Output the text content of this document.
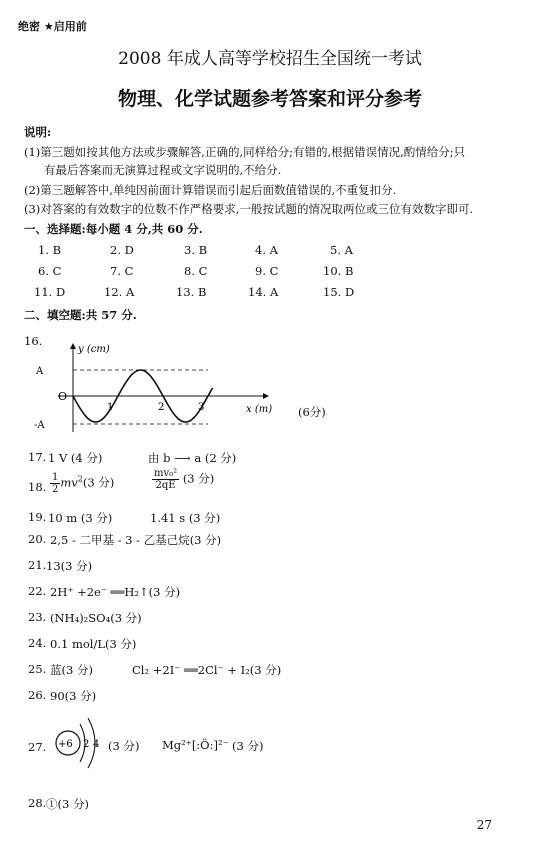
绝密 ★启用前
2008 年成人高等学校招生全国统一考试
物理、化学试题参考答案和评分参考
说明:
(1)第三题如按其他方法或步骤解答,正确的,同样给分;有错的,根据错误情况,酌情给分;只
有最后答案而无演算过程或文字说明的,不给分.
(2)第三题解答中,单纯因前面计算错误而引起后面数值错误的,不重复扣分.
(3)对答案的有效数字的位数不作严格要求,一般按试题的情况取两位或三位有效数字即可.
一、选择题:每小题 4 分,共 60 分.
1. B	2. D	3. B	4. A	5. A
6. C	7. C	8. C	9. C	10. B
11. D	12. A	13. B	14. A	15. D
二、填空题:共 57 分.
16.
y (cm)
A
O
-A
1	2	3	x (m) (6分)
17. 1 V (4 分)	由 b ⟶ a (2 分)
18. $\frac{1}{2} mv^2(3$ 分)	$\frac{\text{mv₀²}}{2qE} (3$ 分)
19. 10 m (3 分)	1.41 s (3 分)
20. 2,5 - 二甲基 - 3 - 乙基己烷(3 分)
21. 13(3 分)
22. 2H⁺ +2e⁻ ══H₂↑(3 分)
23. (NH₄)₂SO₄(3 分)
24. 0.1 mol/L(3 分)
25. 蓝(3 分)	Cl₂ +2I⁻ ══2Cl⁻ + I₂(3 分)
26. 90(3 分)
27. +6 2 4 (3 分) Mg²⁺[:Ö:]²⁻ (3 分)
28. ①(3 分)
27
